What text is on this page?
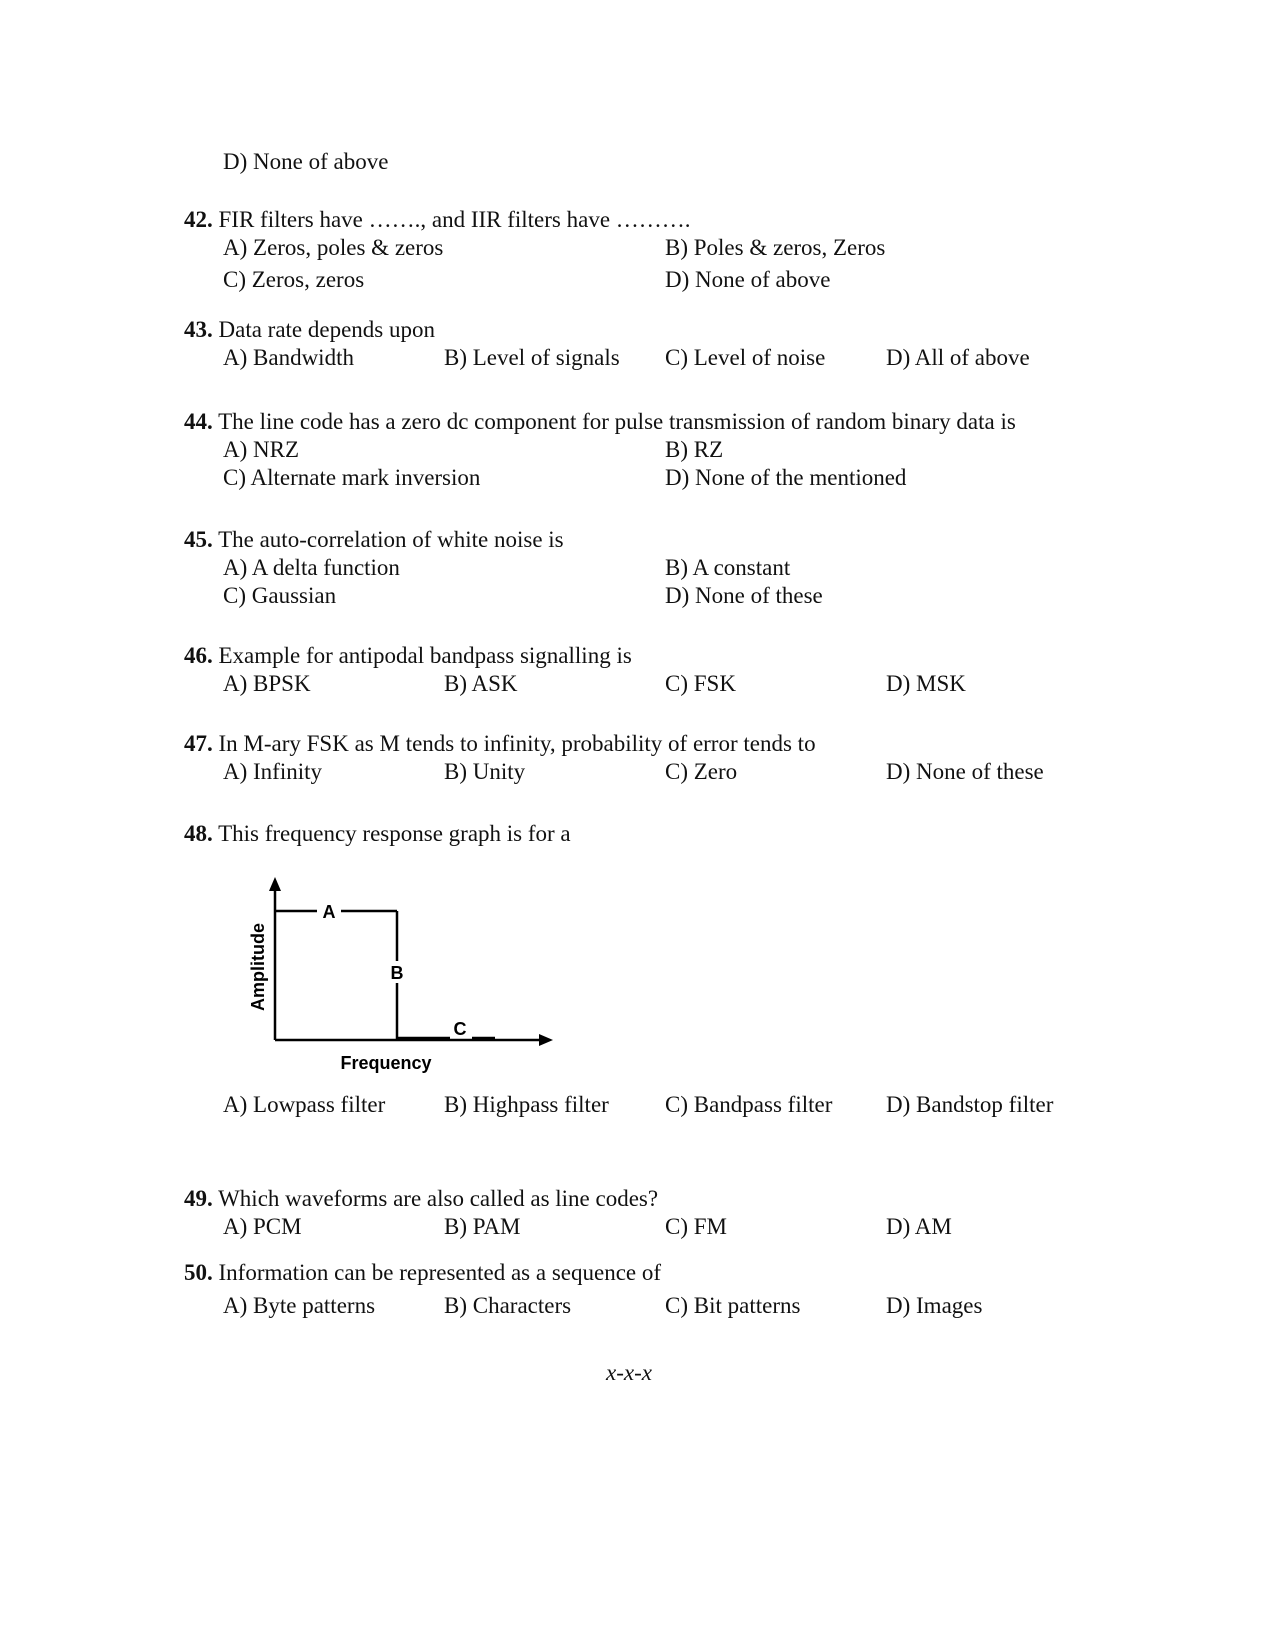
D) None of above
42. FIR filters have ……., and IIR filters have ……….
A) Zeros, poles & zeros	B) Poles & zeros, Zeros
C) Zeros, zeros	D) None of above
43. Data rate depends upon
A) Bandwidth	B) Level of signals C) Level of noise	D) All of above
44. The line code has a zero dc component for pulse transmission of random binary data is
A) NRZ	B) RZ
C) Alternate mark inversion	D) None of the mentioned
45. The auto-correlation of white noise is
A) A delta function	B) A constant
C) Gaussian	D) None of these
46. Example for antipodal bandpass signalling is
A) BPSK	B) ASK	C) FSK	D) MSK
47. In M-ary FSK as M tends to infinity, probability of error tends to
A) Infinity	B) Unity	C) Zero	D) None of these
48. This frequency response graph is for a
A
B
C
Frequency
Amplitude
A) Lowpass filter	B) Highpass filter C) Bandpass filter D) Bandstop filter
49. Which waveforms are also called as line codes?
A) PCM	B) PAM	C) FM	D) AM
50. Information can be represented as a sequence of
A) Byte patterns	B) Characters	C) Bit patterns	D) Images
x-x-x
